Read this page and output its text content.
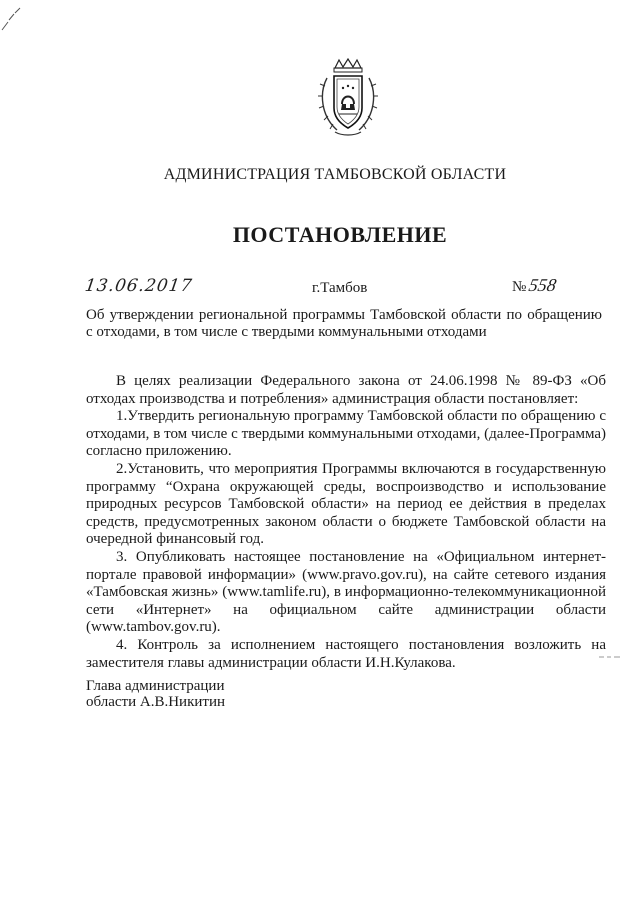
АДМИНИСТРАЦИЯ ТАМБОВСКОЙ ОБЛАСТИ
ПОСТАНОВЛЕНИЕ
13.06.2017	г.Тамбов	№ 558
Об утверждении региональной программы Тамбовской области по обращению с отходами, в том числе с твердыми коммунальными отходами

В целях реализации Федерального закона от 24.06.1998 № 89-ФЗ «Об отходах производства и потребления» администрация области постановляет:

1.Утвердить региональную программу Тамбовской области по обращению с отходами, в том числе с твердыми коммунальными отходами, (далее-Программа) согласно приложению.

2.Установить, что мероприятия Программы включаются в государственную программу “Охрана окружающей среды, воспроизводство и использование природных ресурсов Тамбовской области» на период ее действия в пределах средств, предусмотренных законом области о бюджете Тамбовской области на очередной финансовый год.

3. Опубликовать настоящее постановление на «Официальном интернет-портале правовой информации» (www.pravo.gov.ru), на сайте сетевого издания «Тамбовская жизнь» (www.tamlife.ru), в информационно-телекоммуникационной сети «Интернет» на официальном сайте администрации области (www.tambov.gov.ru).

4. Контроль за исполнением настоящего постановления возложить на заместителя главы администрации области И.Н.Кулакова.

Глава администрации
области А.В.Никитин
